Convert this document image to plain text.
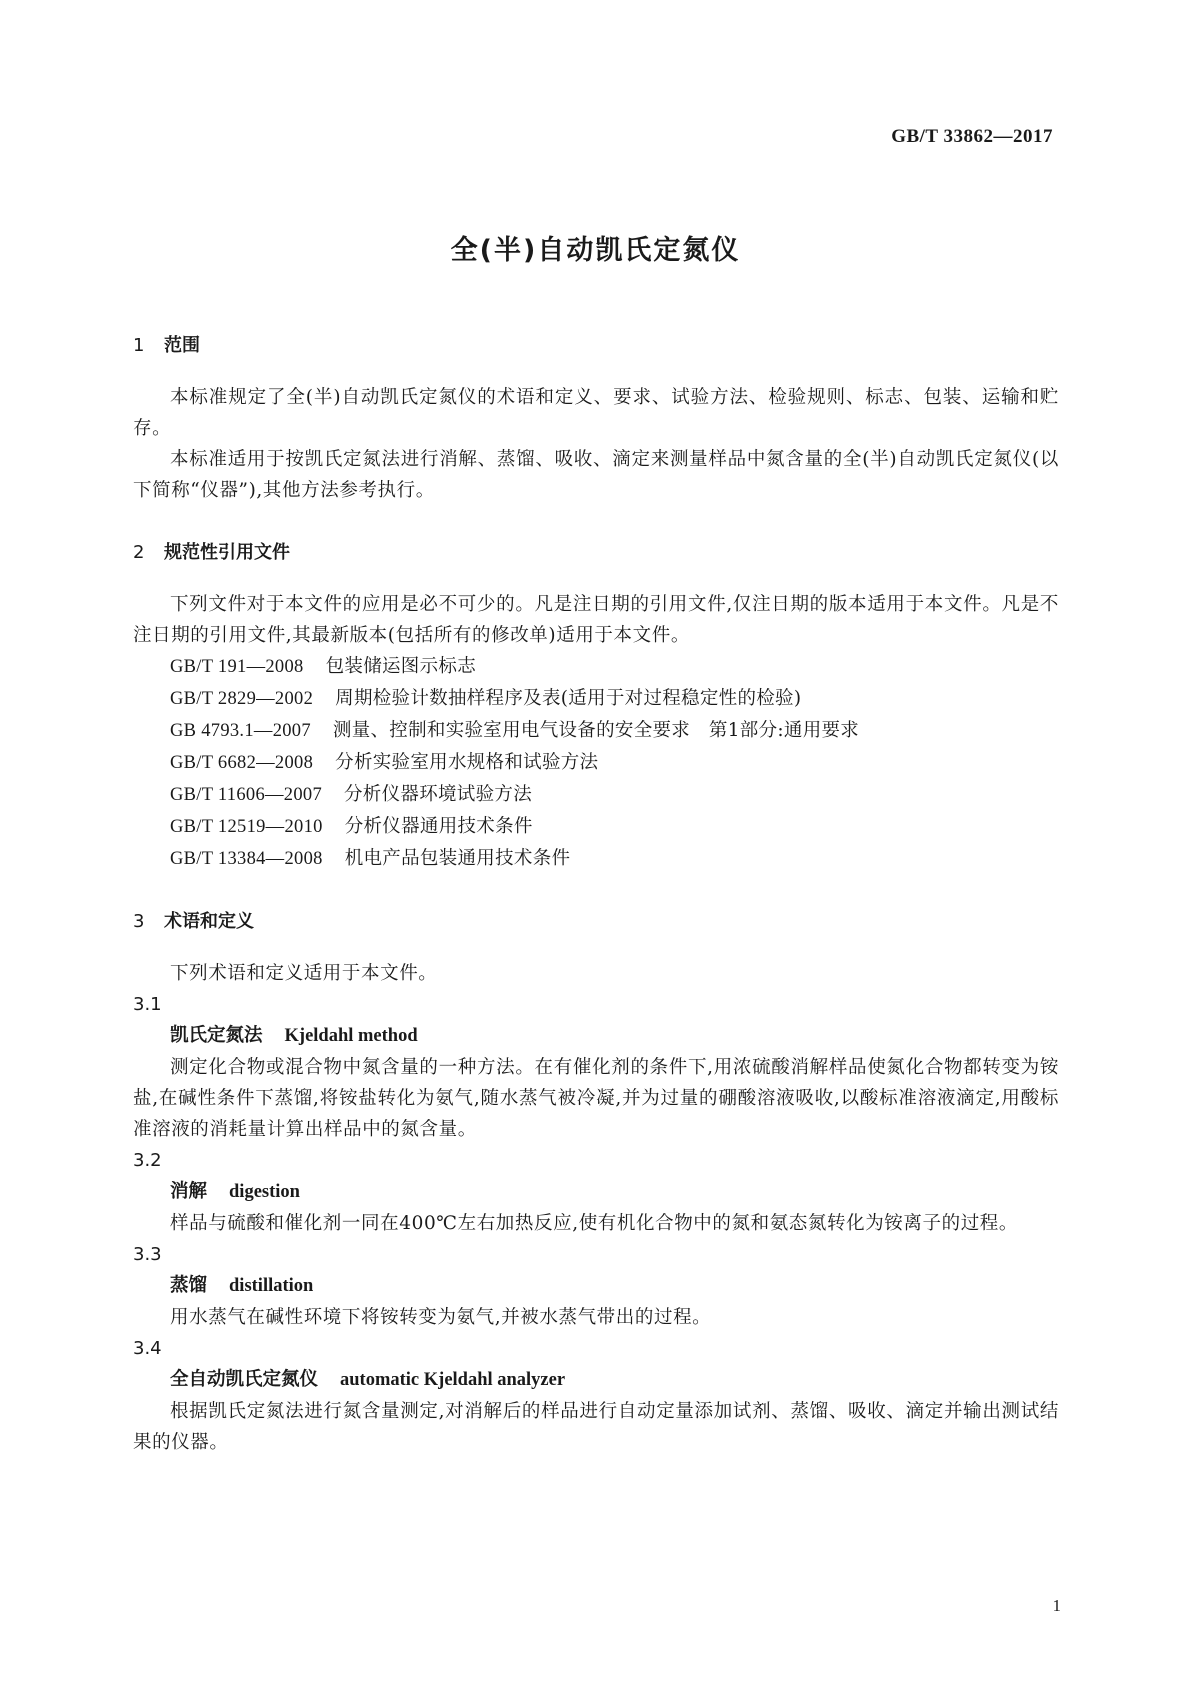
GB/T 33862—2017
全(半)自动凯氏定氮仪
1 范围

本标准规定了全(半)自动凯氏定氮仪的术语和定义、要求、试验方法、检验规则、标志、包装、运输和贮存。

本标准适用于按凯氏定氮法进行消解、蒸馏、吸收、滴定来测量样品中氮含量的全(半)自动凯氏定氮仪(以下简称“仪器”),其他方法参考执行。

2 规范性引用文件

下列文件对于本文件的应用是必不可少的。凡是注日期的引用文件,仅注日期的版本适用于本文件。凡是不注日期的引用文件,其最新版本(包括所有的修改单)适用于本文件。

GB/T 191—2008 包装储运图示标志
GB/T 2829—2002 周期检验计数抽样程序及表(适用于对过程稳定性的检验)
GB 4793.1—2007 测量、控制和实验室用电气设备的安全要求　第1部分:通用要求
GB/T 6682—2008 分析实验室用水规格和试验方法
GB/T 11606—2007 分析仪器环境试验方法
GB/T 12519—2010 分析仪器通用技术条件
GB/T 13384—2008 机电产品包装通用技术条件
3 术语和定义

下列术语和定义适用于本文件。

3.1
凯氏定氮法 Kjeldahl method

测定化合物或混合物中氮含量的一种方法。在有催化剂的条件下,用浓硫酸消解样品使氮化合物都转变为铵盐,在碱性条件下蒸馏,将铵盐转化为氨气,随水蒸气被冷凝,并为过量的硼酸溶液吸收,以酸标准溶液滴定,用酸标准溶液的消耗量计算出样品中的氮含量。

3.2
消解 digestion

样品与硫酸和催化剂一同在400℃左右加热反应,使有机化合物中的氮和氨态氮转化为铵离子的过程。

3.3
蒸馏 distillation

用水蒸气在碱性环境下将铵转变为氨气,并被水蒸气带出的过程。

3.4
全自动凯氏定氮仪 automatic Kjeldahl analyzer

根据凯氏定氮法进行氮含量测定,对消解后的样品进行自动定量添加试剂、蒸馏、吸收、滴定并输出测试结果的仪器。

1
